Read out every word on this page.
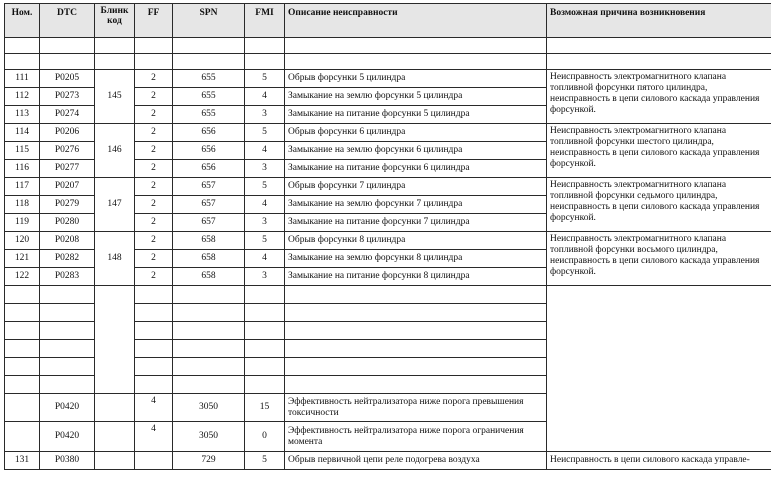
Ном.	DTC	Блинк код	FF	SPN	FMI	Описание неисправности	Возможная причина возникновения

111	P0205	145	2	655	5	Обрыв форсунки 5 цилиндра	Неисправность электромагнитного клапана топливной форсунки пятого цилиндра, неисправность в цепи силового каскада управления форсункой.
112	P0273		2	655	4	Замыкание на землю форсунки 5 цилиндра	
113	P0274		2	655	3	Замыкание на питание форсунки 5 цилиндра	
114	P0206	146	2	656	5	Обрыв форсунки 6 цилиндра	Неисправность электромагнитного клапана топливной форсунки шестого цилиндра, неисправность в цепи силового каскада управления форсункой.
115	P0276		2	656	4	Замыкание на землю форсунки 6 цилиндра	
116	P0277		2	656	3	Замыкание на питание форсунки 6 цилиндра	
117	P0207	147	2	657	5	Обрыв форсунки 7 цилиндра	Неисправность электромагнитного клапана топливной форсунки седьмого цилиндра, неисправность в цепи силового каскада управления форсункой.
118	P0279		2	657	4	Замыкание на землю форсунки 7 цилиндра	
119	P0280		2	657	3	Замыкание на питание форсунки 7 цилиндра	
120	P0208	148	2	658	5	Обрыв форсунки 8 цилиндра	Неисправность электромагнитного клапана топливной форсунки восьмого цилиндра, неисправность в цепи силового каскада управления форсункой.
121	P0282		2	658	4	Замыкание на землю форсунки 8 цилиндра	
122	P0283		2	658	3	Замыкание на питание форсунки 8 цилиндра	

	P0420		4	3050	15	Эффективность нейтрализатора ниже порога превышения токсичности	
	P0420		4	3050	0	Эффективность нейтрализатора ниже порога ограничения момента	
131	P0380			729	5	Обрыв первичной цепи реле подогрева воздуха	Неисправность в цепи силового каскада управле-
